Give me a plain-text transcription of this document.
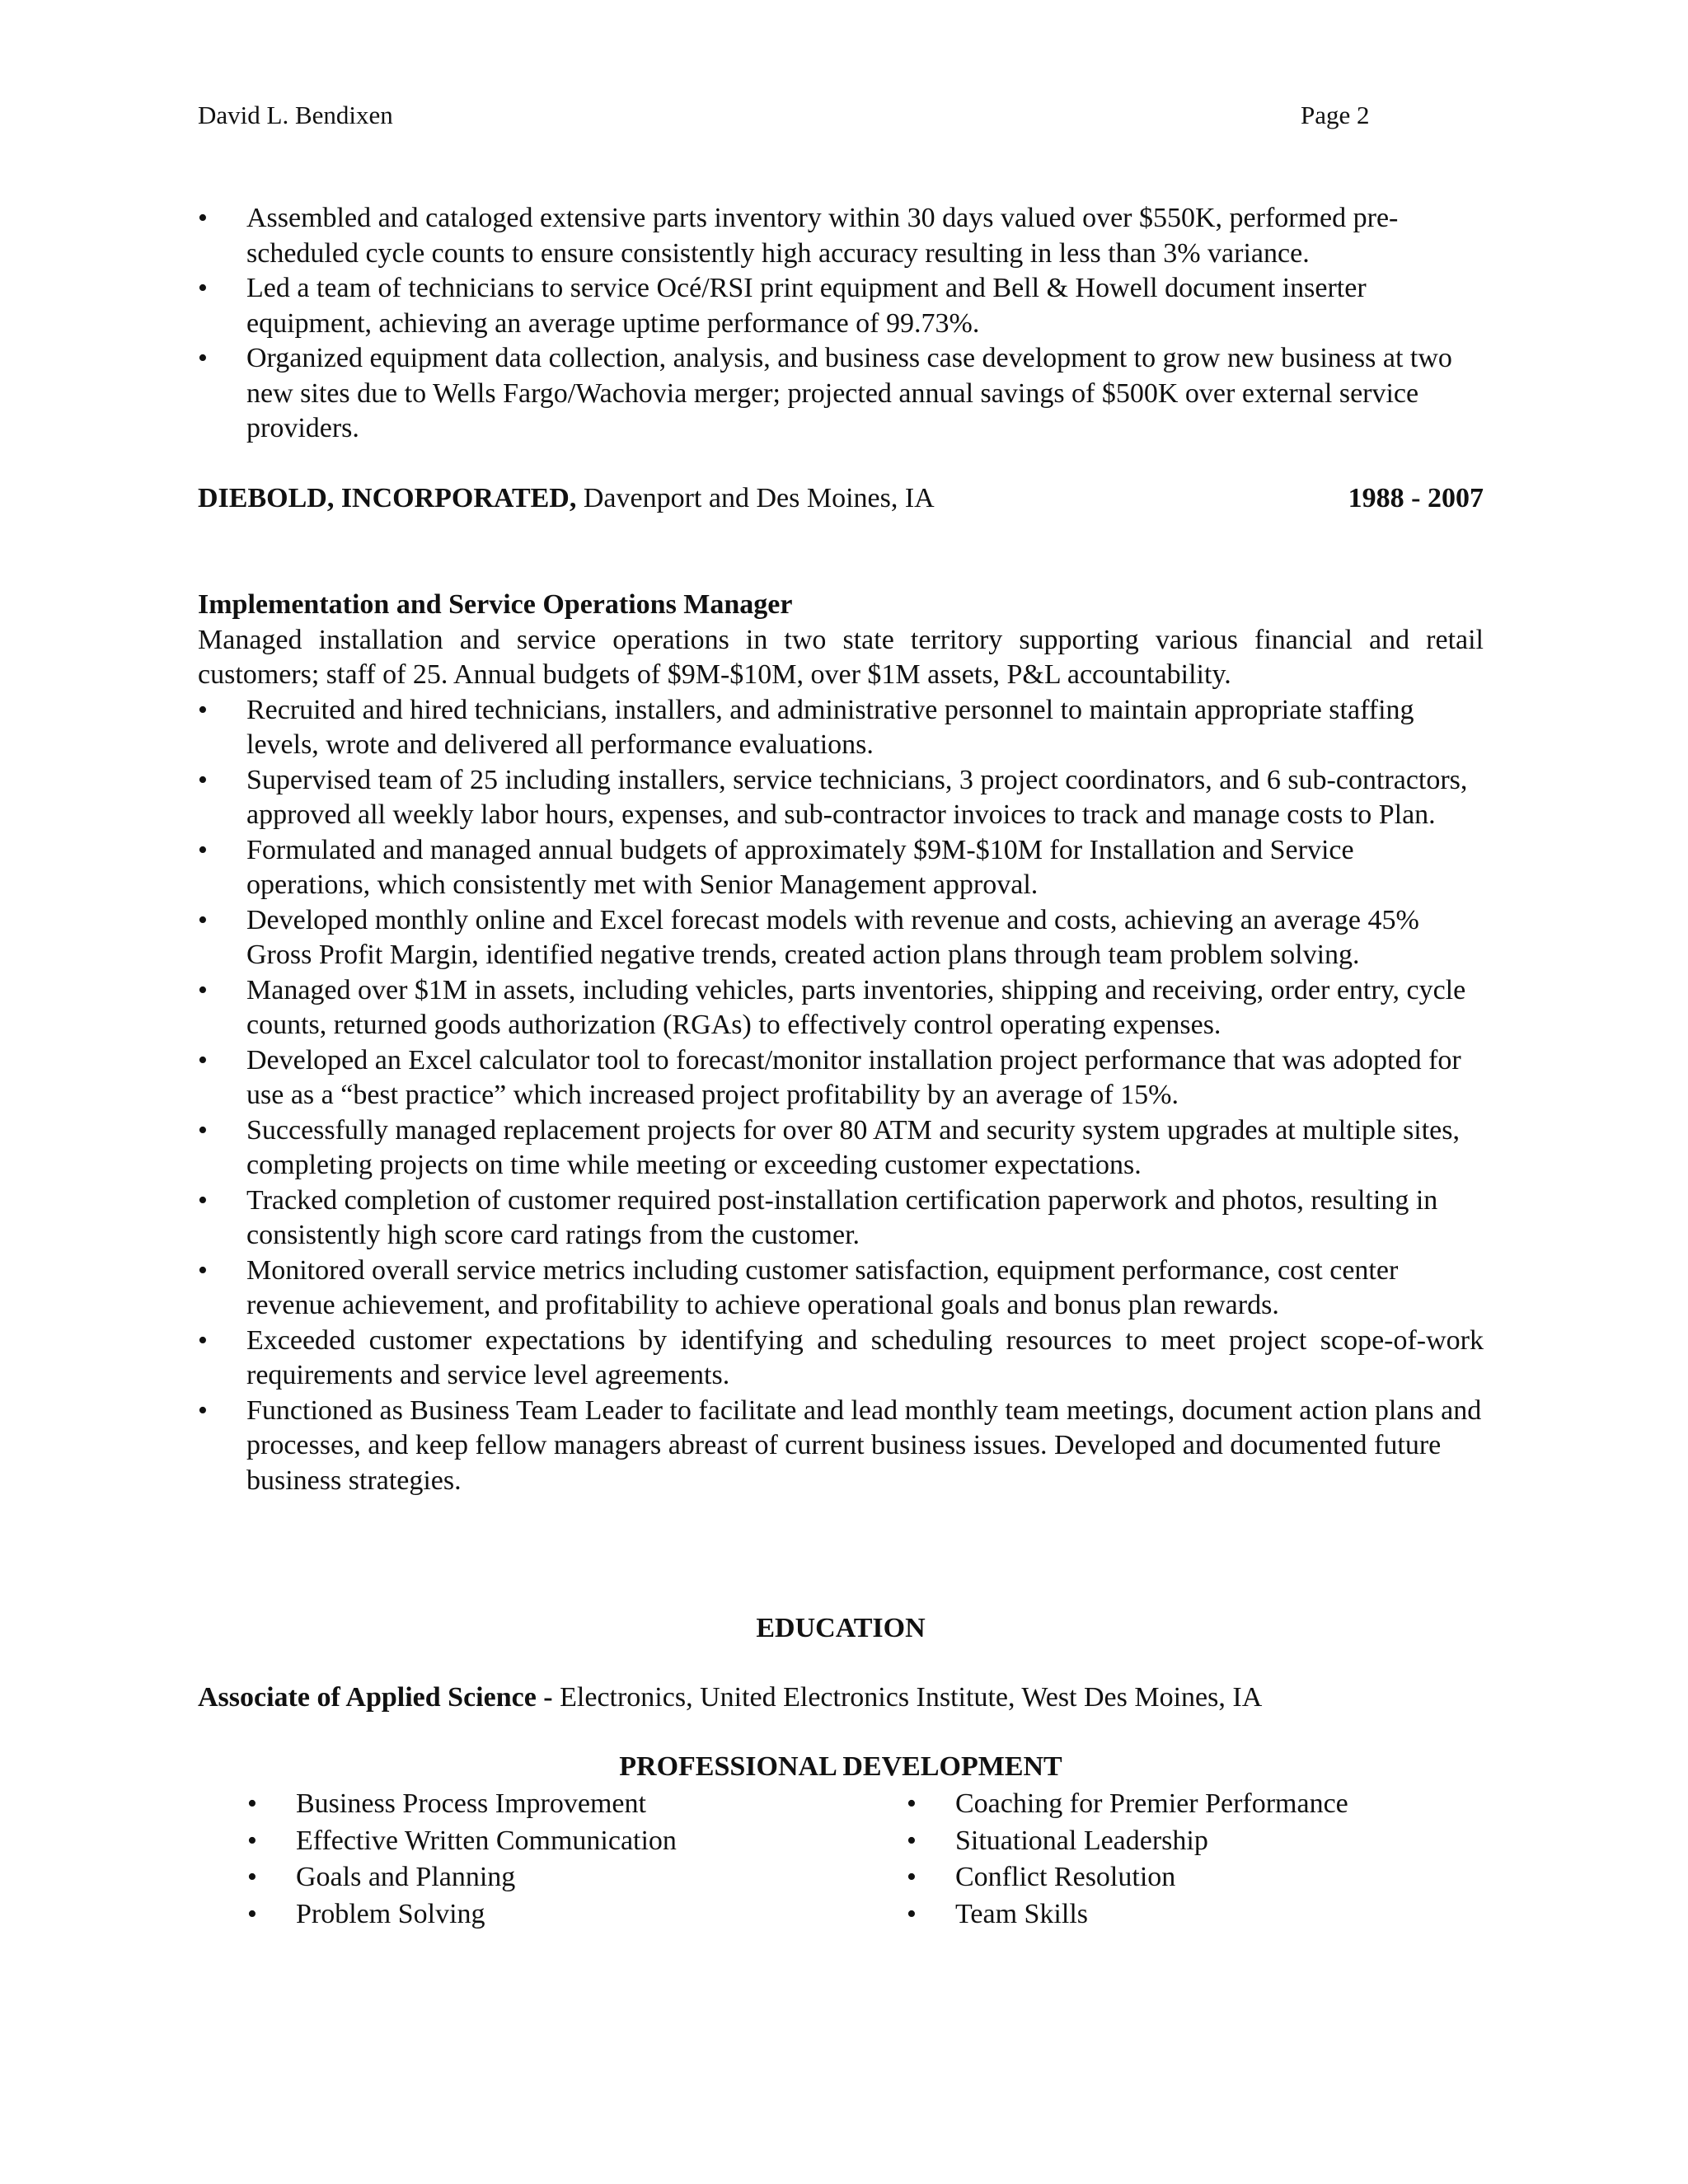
David L. Bendixen	Page 2
• Assembled and cataloged extensive parts inventory within 30 days valued over $550K, performed pre-scheduled cycle counts to ensure consistently high accuracy resulting in less than 3% variance.
• Led a team of technicians to service Océ/RSI print equipment and Bell & Howell document inserter equipment, achieving an average uptime performance of 99.73%.
• Organized equipment data collection, analysis, and business case development to grow new business at two new sites due to Wells Fargo/Wachovia merger; projected annual savings of $500K over external service providers.
DIEBOLD, INCORPORATED, Davenport and Des Moines, IA	1988 - 2007
Implementation and Service Operations Manager
Managed installation and service operations in two state territory supporting various financial and retail customers; staff of 25. Annual budgets of $9M-$10M, over $1M assets, P&L accountability.
• Recruited and hired technicians, installers, and administrative personnel to maintain appropriate staffing levels, wrote and delivered all performance evaluations.
• Supervised team of 25 including installers, service technicians, 3 project coordinators, and 6 sub-contractors, approved all weekly labor hours, expenses, and sub-contractor invoices to track and manage costs to Plan.
• Formulated and managed annual budgets of approximately $9M-$10M for Installation and Service operations, which consistently met with Senior Management approval.
• Developed monthly online and Excel forecast models with revenue and costs, achieving an average 45% Gross Profit Margin, identified negative trends, created action plans through team problem solving.
• Managed over $1M in assets, including vehicles, parts inventories, shipping and receiving, order entry, cycle counts, returned goods authorization (RGAs) to effectively control operating expenses.
• Developed an Excel calculator tool to forecast/monitor installation project performance that was adopted for use as a “best practice” which increased project profitability by an average of 15%.
• Successfully managed replacement projects for over 80 ATM and security system upgrades at multiple sites, completing projects on time while meeting or exceeding customer expectations.
• Tracked completion of customer required post-installation certification paperwork and photos, resulting in consistently high score card ratings from the customer.
• Monitored overall service metrics including customer satisfaction, equipment performance, cost center revenue achievement, and profitability to achieve operational goals and bonus plan rewards.
• Exceeded customer expectations by identifying and scheduling resources to meet project scope-of-work requirements and service level agreements.
• Functioned as Business Team Leader to facilitate and lead monthly team meetings, document action plans and processes, and keep fellow managers abreast of current business issues. Developed and documented future business strategies.
EDUCATION
Associate of Applied Science - Electronics, United Electronics Institute, West Des Moines, IA
PROFESSIONAL DEVELOPMENT
• Business Process Improvement
• Effective Written Communication
• Goals and Planning
• Problem Solving
• Coaching for Premier Performance
• Situational Leadership
• Conflict Resolution
• Team Skills
